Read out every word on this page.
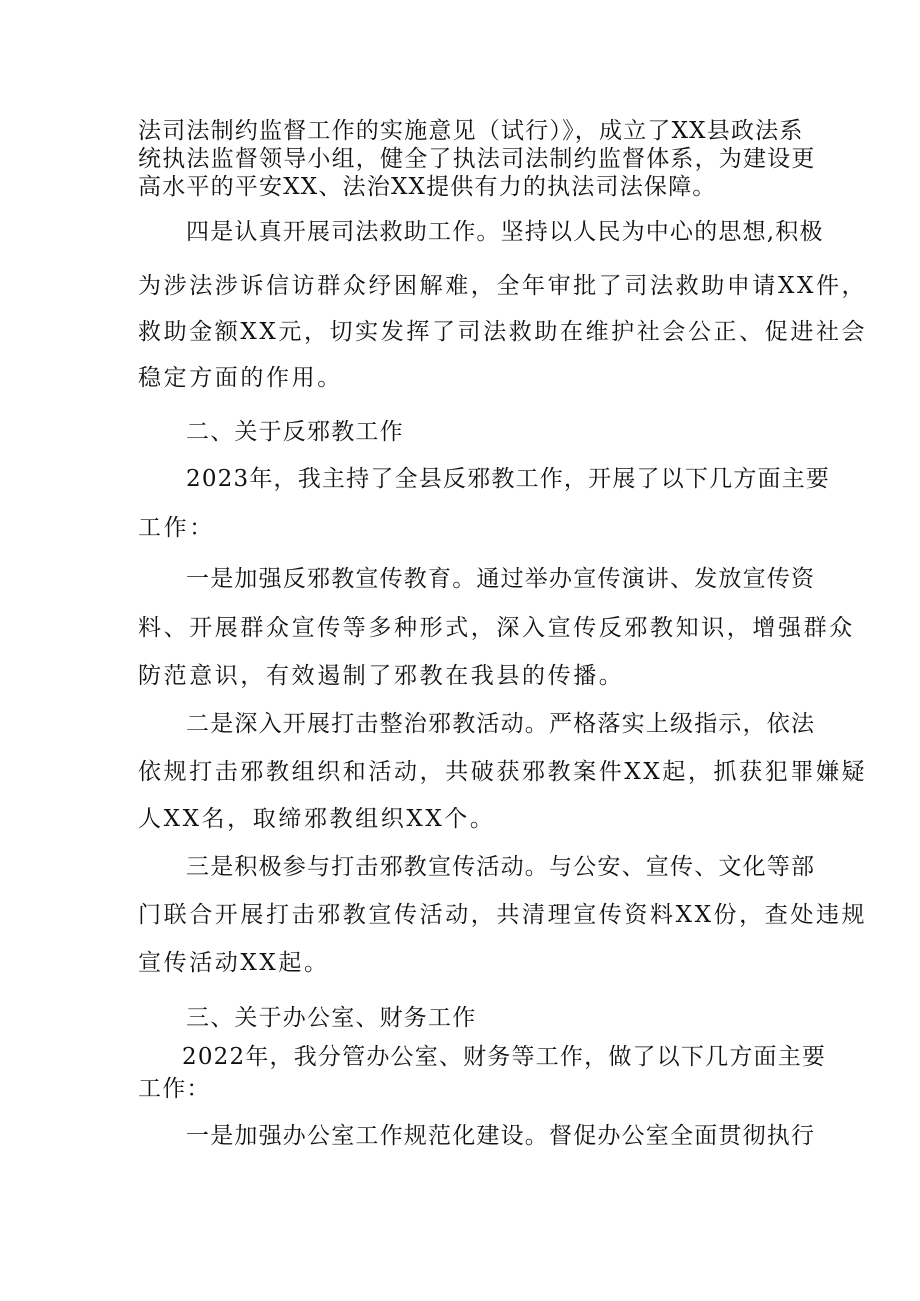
法司法制约监督工作的实施意见（试行）》，成立了XX县政法系
统执法监督领导小组，健全了执法司法制约监督体系，为建设更
高水平的平安XX、法治XX提供有力的执法司法保障。
四是认真开展司法救助工作。坚持以人民为中心的思想,积极
为涉法涉诉信访群众纾困解难，全年审批了司法救助申请XX件，
救助金额XX元，切实发挥了司法救助在维护社会公正、促进社会
稳定方面的作用。
二、关于反邪教工作
2023年，我主持了全县反邪教工作，开展了以下几方面主要
工作：
一是加强反邪教宣传教育。通过举办宣传演讲、发放宣传资
料、开展群众宣传等多种形式，深入宣传反邪教知识，增强群众
防范意识，有效遏制了邪教在我县的传播。
二是深入开展打击整治邪教活动。严格落实上级指示，依法
依规打击邪教组织和活动，共破获邪教案件XX起，抓获犯罪嫌疑
人XX名，取缔邪教组织XX个。
三是积极参与打击邪教宣传活动。与公安、宣传、文化等部
门联合开展打击邪教宣传活动，共清理宣传资料XX份，查处违规
宣传活动XX起。
三、关于办公室、财务工作
2022年，我分管办公室、财务等工作，做了以下几方面主要
工作：
一是加强办公室工作规范化建设。督促办公室全面贯彻执行
